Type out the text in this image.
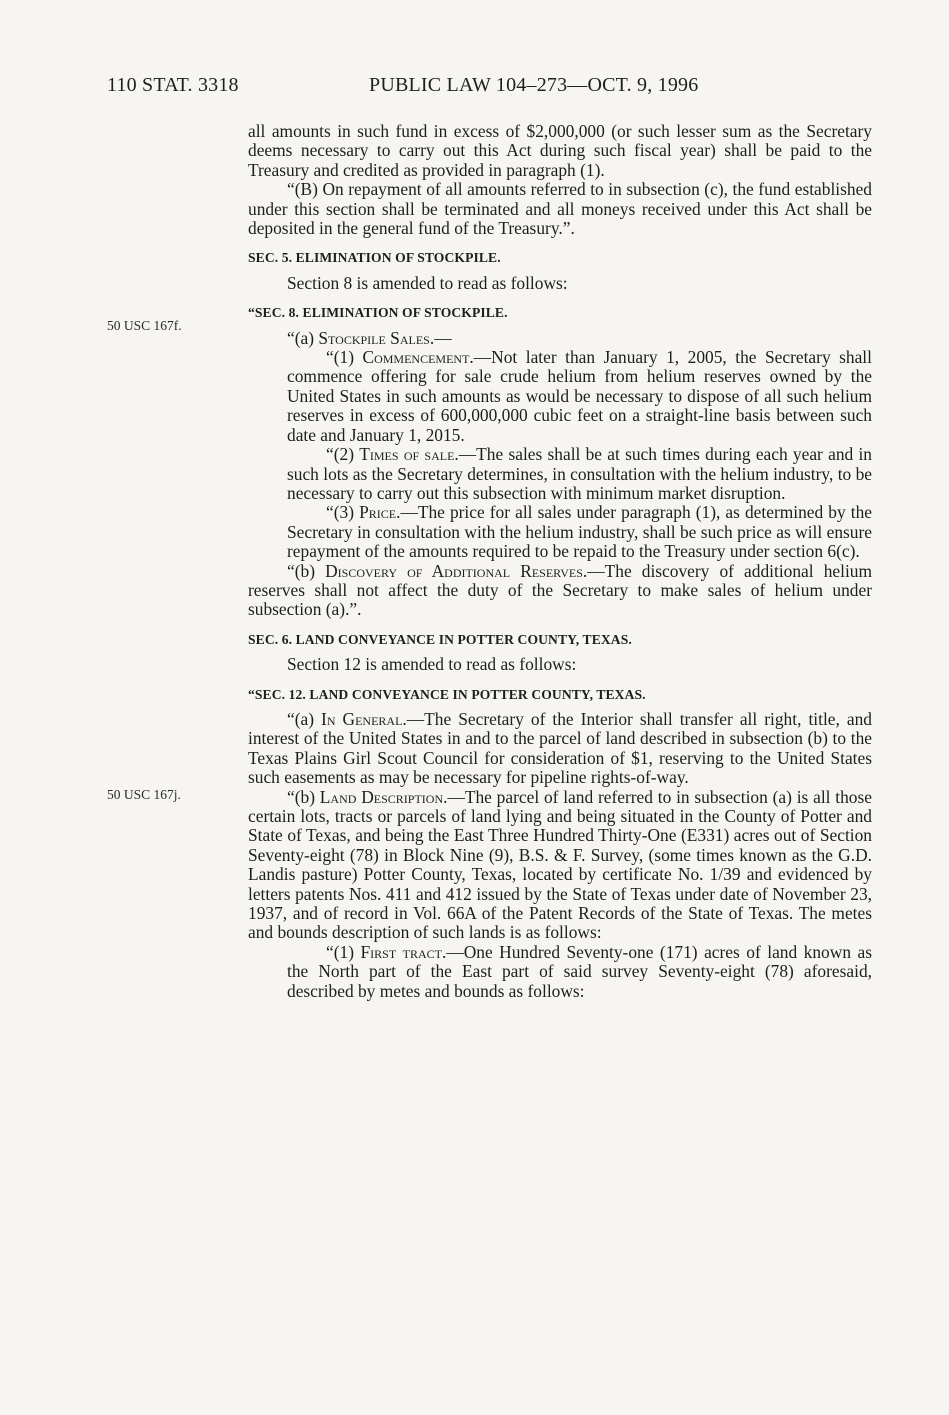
110 STAT. 3318	PUBLIC LAW 104–273—OCT. 9, 1996
50 USC 167f.
50 USC 167j.

all amounts in such fund in excess of $2,000,000 (or such lesser sum as the Secretary deems necessary to carry out this Act during such fiscal year) shall be paid to the Treasury and credited as provided in paragraph (1).

“(B) On repayment of all amounts referred to in subsection (c), the fund established under this section shall be terminated and all moneys received under this Act shall be deposited in the general fund of the Treasury.”.

SEC. 5. ELIMINATION OF STOCKPILE.

Section 8 is amended to read as follows:

“SEC. 8. ELIMINATION OF STOCKPILE.

“(a) Stockpile Sales.—

“(1) Commencement.—Not later than January 1, 2005, the Secretary shall commence offering for sale crude helium from helium reserves owned by the United States in such amounts as would be necessary to dispose of all such helium reserves in excess of 600,000,000 cubic feet on a straight-line basis between such date and January 1, 2015.

“(2) Times of sale.—The sales shall be at such times during each year and in such lots as the Secretary determines, in consultation with the helium industry, to be necessary to carry out this subsection with minimum market disruption.

“(3) Price.—The price for all sales under paragraph (1), as determined by the Secretary in consultation with the helium industry, shall be such price as will ensure repayment of the amounts required to be repaid to the Treasury under section 6(c).

“(b) Discovery of Additional Reserves.—The discovery of additional helium reserves shall not affect the duty of the Secretary to make sales of helium under subsection (a).”.

SEC. 6. LAND CONVEYANCE IN POTTER COUNTY, TEXAS.

Section 12 is amended to read as follows:

“SEC. 12. LAND CONVEYANCE IN POTTER COUNTY, TEXAS.

“(a) In General.—The Secretary of the Interior shall transfer all right, title, and interest of the United States in and to the parcel of land described in subsection (b) to the Texas Plains Girl Scout Council for consideration of $1, reserving to the United States such easements as may be necessary for pipeline rights-of-way.

“(b) Land Description.—The parcel of land referred to in subsection (a) is all those certain lots, tracts or parcels of land lying and being situated in the County of Potter and State of Texas, and being the East Three Hundred Thirty-One (E331) acres out of Section Seventy-eight (78) in Block Nine (9), B.S. & F. Survey, (some times known as the G.D. Landis pasture) Potter County, Texas, located by certificate No. 1/39 and evidenced by letters patents Nos. 411 and 412 issued by the State of Texas under date of November 23, 1937, and of record in Vol. 66A of the Patent Records of the State of Texas. The metes and bounds description of such lands is as follows:

“(1) First tract.—One Hundred Seventy-one (171) acres of land known as the North part of the East part of said survey Seventy-eight (78) aforesaid, described by metes and bounds as follows:
